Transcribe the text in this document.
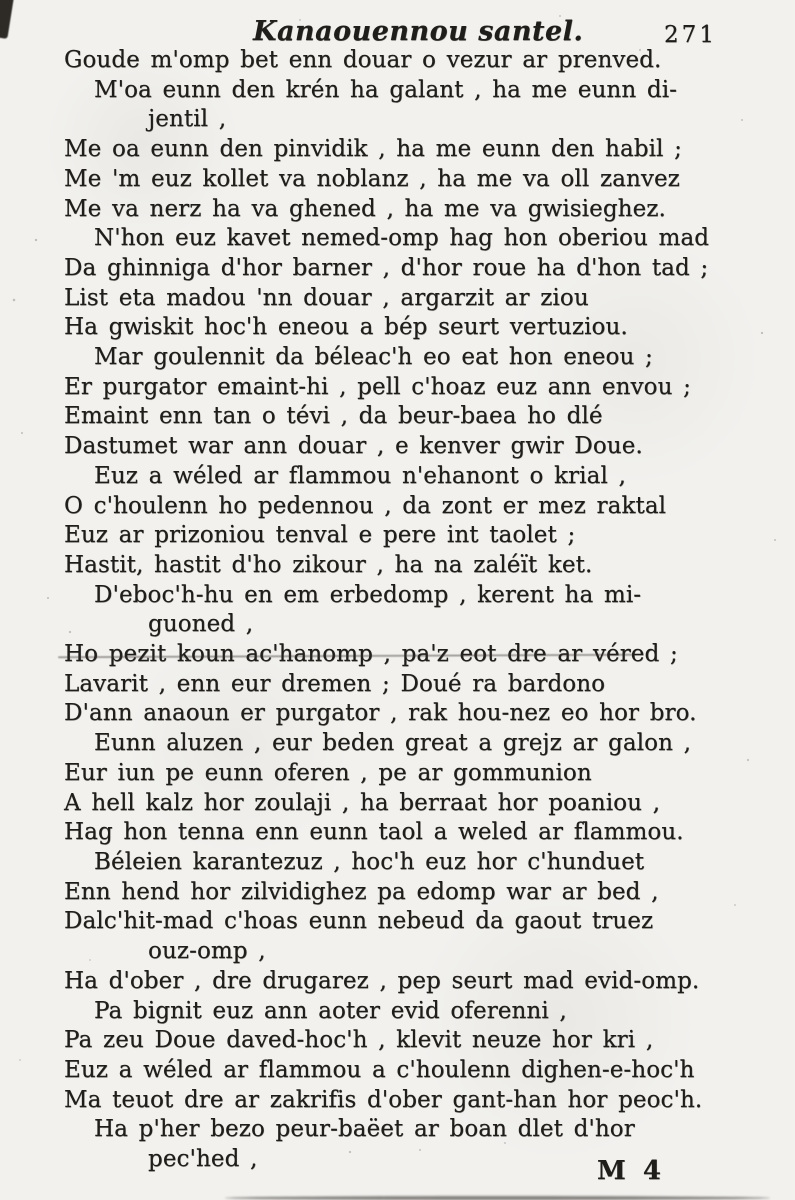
Kanaouennou santel.	271
Goude m'omp bet enn douar o vezur ar prenved.
M'oa eunn den krén ha galant , ha me eunn di-
jentil ,
Me oa eunn den pinvidik , ha me eunn den habil ;
Me 'm euz kollet va noblanz , ha me va oll zanvez
Me va nerz ha va ghened , ha me va gwisieghez.
N'hon euz kavet nemed-omp hag hon oberiou mad
Da ghinniga d'hor barner , d'hor roue ha d'hon tad ;
List eta madou 'nn douar , argarzit ar ziou
Ha gwiskit hoc'h eneou a bép seurt vertuziou.
Mar goulennit da béleac'h eo eat hon eneou ;
Er purgator emaint-hi , pell c'hoaz euz ann envou ;
Emaint enn tan o tévi , da beur-baea ho dlé
Dastumet war ann douar , e kenver gwir Doue.
Euz a wéled ar flammou n'ehanont o krial ,
O c'houlenn ho pedennou , da zont er mez raktal
Euz ar prizoniou tenval e pere int taolet ;
Hastit, hastit d'ho zikour , ha na zaléït ket.
D'eboc'h-hu en em erbedomp , kerent ha mi-
guoned ,
Ho pezit koun ac'hanomp , pa'z eot dre ar véred ;
Lavarit , enn eur dremen ; Doué ra bardono
D'ann anaoun er purgator , rak hou-nez eo hor bro.
Eunn aluzen , eur beden great a grejz ar galon ,
Eur iun pe eunn oferen , pe ar gommunion
A hell kalz hor zoulaji , ha berraat hor poaniou ,
Hag hon tenna enn eunn taol a weled ar flammou.
Béleien karantezuz , hoc'h euz hor c'hunduet
Enn hend hor zilvidighez pa edomp war ar bed ,
Dalc'hit-mad c'hoas eunn nebeud da gaout truez
ouz-omp ,
Ha d'ober , dre drugarez , pep seurt mad evid-omp.
Pa bignit euz ann aoter evid oferenni ,
Pa zeu Doue daved-hoc'h , klevit neuze hor kri ,
Euz a wéled ar flammou a c'houlenn dighen-e-hoc'h
Ma teuot dre ar zakrifis d'ober gant-han hor peoc'h.
Ha p'her bezo peur-baëet ar boan dlet d'hor
pec'hed ,	M 4
